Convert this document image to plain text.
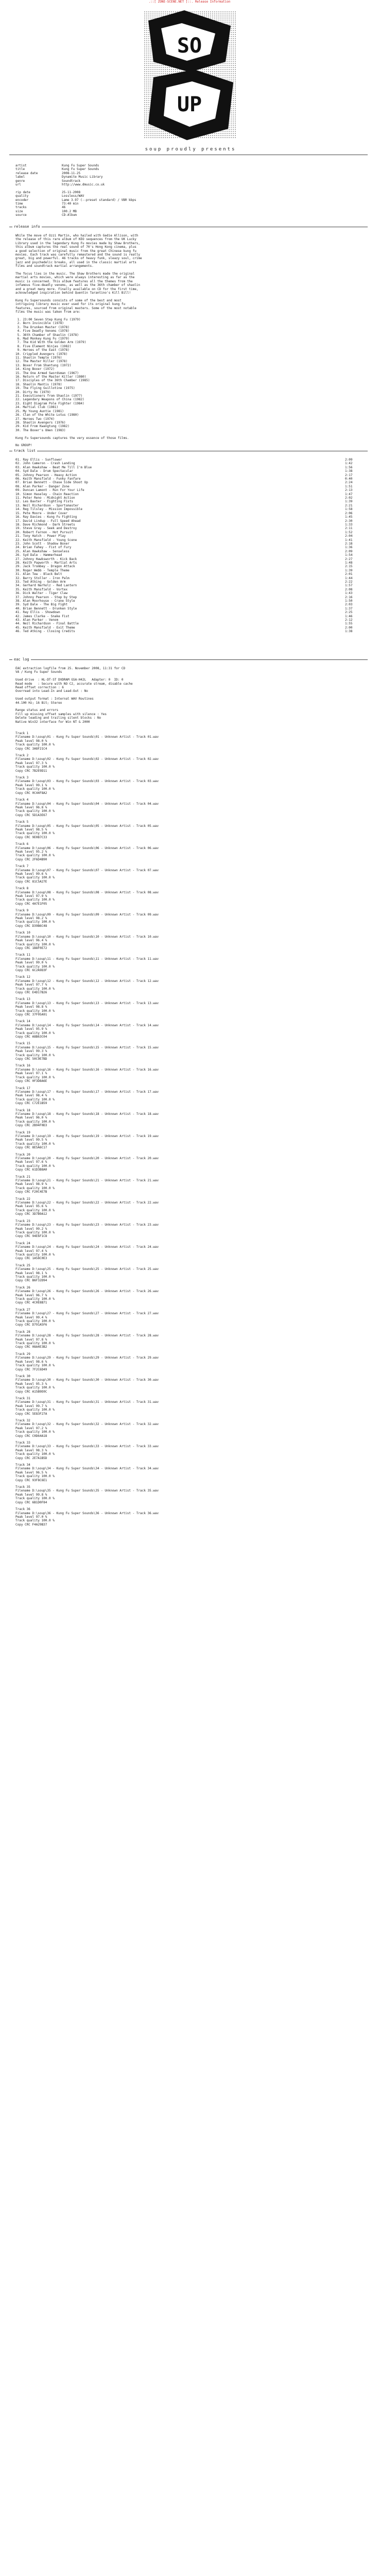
.::[ ZONE-SCENE.NET ]::. Release Information
SO
UP
SOUP
soup proudly presents
artist	Kung Fu Super Sounds
title	Kung Fu Super Sounds
release date	2008-11-25
label	Dynamite Music Library
genre	Soundtrack
url	http://www.dmusic.co.uk
rip date	25-11-2008
quality	Lossless/WAV
encoder	Lame 3.97 (--preset standard) / VBR kbps
time	73:40 min
tracks	46
size	100.2 MB
source	CD-Album
release info
While the move of Ozzi Martin, who hailed with Gedie Allison, with
the release of this rare album of KEO sequences from the UK Lucky
Library used in the legendary Kung Fu movies made by Shaw Brothers,
this album captures the real sound of 70's Hong Kong cinema, plus
a good selection of original music from the great Chinese kung fu
movies. Each track was carefully remastered and the sound is really
great, big and powerful. 46 tracks of heavy funk, sleazy soul, crime
jazz and psychedelic breaks, all used in the classic martial arts
films and soundtrack martial arrangements.

The focus lies in the music. The Shaw Brothers made the original
martial arts movies, which were always interesting as far as the
music is concerned. This album features all the themes from the
infamous five-deadly venoms, as well as the 36th chamber of shaolin
and a great many more. Finally available on CD for the first time,
acknowledged inspiration behind Quentin Tarantino's Kill Bill!

Kung Fu Supersounds consists of some of the best and most
intriguing library music ever used for its original kung fu
features, sourced from original masters. Some of the most notable
films the music was taken from are:

1. 23:00 Seven Step Kung Fu (1979)
2. Born Invincible (1978)
3. The Drunken Master (1978)
4. Five Deadly Venoms (1978)
5. 36th Chamber of Shaolin (1978)
6. Mad Monkey Kung Fu (1979)
7. The Kid With the Golden Arm (1979)
8. Five Element Ninjas (1982)
9. Heroes of the East (1978)
10. Crippled Avengers (1978)
11. Shaolin Temple (1976)
12. The Master Killer (1978)
13. Boxer From Shantung (1972)
14. King Boxer (1972)
15. The One Armed Swordsman (1967)
16. Return of the Master Killer (1980)
17. Disciples of the 36th Chamber (1985)
18. Shaolin Mantis (1978)
19. The Flying Guillotine (1975)
20. Dirty Ho (1979)
21. Executioners from Shaolin (1977)
22. Legendary Weapons of China (1982)
23. Eight Diagram Pole Fighter (1984)
24. Martial Club (1981)
25. My Young Auntie (1981)
26. Clan of the White Lotus (1980)
27. Heroes Two (1974)
28. Shaolin Avengers (1976)
29. Kid From Kwangtung (1982)
30. The Boxer's Omen (1983)

Kung Fu Supersounds captures the very essence of those films.

No GROUP!
track list
01. Ray Ellis - Sunflower	2:09
02. John Cameron - Crash Landing	1:42
03. Alan Hawkshaw - Beat Me Till I'm Blue	1:56
04. Syd Dale - Drum Spectacular	1:38
05. Johnny Pearson - Heavy Action	2:17
06. Keith Mansfield - Funky Fanfare	0:40
07. Brian Bennett - Chase Side Shoot Up	2:24
08. Alan Parker - Danger Zone	1:51
09. Duncan Lamont - Run For Your Life	2:13
10. Simon Haseley - Chain Reaction	1:47
11. Peter Reno - Midnight Action	2:02
12. Les Baxter - Fighting Fists	1:39
13. Neil Richardson - Sportsmaster	2:21
14. Reg Tilsley - Mission Impossible	1:58
15. Pete Moore - Under Cover	2:06
16. Ray Davies - Kung Fu Fighting	1:45
17. David Lindup - Full Speed Ahead	2:30
18. Dave Richmond - Dark Streets	1:33
19. Steve Gray - Seek and Destroy	2:11
20. Robert Farnon - Hot Pursuit	1:52
21. Tony Hatch - Power Play	2:04
22. Keith Mansfield - Young Scene	1:41
23. John Scott - Shadow Boxer	2:18
24. Brian Fahey - Fist of Fury	1:36
25. Alan Hawkshaw - Senseless	2:09
26. Syd Dale - Hammerhead	1:54
27. Johnny Hawksworth - Kick Back	2:27
28. Keith Papworth - Martial Arts	1:48
29. Jack Trombey - Dragon Attack	2:15
30. Roger Webb - Temple Theme	1:39
31. Alan Tew - Black Belt	2:01
32. Barry Stoller - Iron Palm	1:44
33. Ted Atking - Golden Arm	2:22
34. Gerhard Narholz - Red Lantern	1:57
35. Keith Mansfield - Vortex	2:08
36. Dick Walter - Tiger Claw	1:43
37. Johnny Pearson - Step by Step	2:16
38. Alan Moorhouse - Crane Style	1:50
39. Syd Dale - The Big Fight	2:03
40. Brian Bennett - Drunken Style	1:37
41. Ray Ellis - Showdown	2:25
42. James Clarke - Snake Fist	1:46
43. Alan Parker - Venom	2:12
44. Neil Richardson - Final Battle	1:55
45. Keith Mansfield - Exit Theme	2:00
46. Ted Atking - Closing Credits	1:38
eac log
EAC extraction logfile from 25. November 2008, 11:31 for CD
VA / Kung Fu Super Sounds

Used drive  : HL-DT-ST DVDRAM GSA-H42L   Adapter: 0  ID: 0
Read mode   : Secure with NO C2, accurate stream, disable cache
Read offset correction : 6
Overread into Lead-In and Lead-Out : No

Used output format : Internal WAV Routines
44.100 Hz; 16 Bit; Stereo

Range status and errors
Fill up missing offset samples with silence : Yes
Delete leading and trailing silent blocks : No
Native Win32 interface for Win NT & 2000
Track 1
Filename D:\soup\01 - Kung Fu Super Sounds\01 - Unknown Artist - Track 01.wav
Peak level 98.0 %
Track quality 100.0 %
Copy CRC 3A8F21C4
Track 2
Filename D:\soup\02 - Kung Fu Super Sounds\02 - Unknown Artist - Track 02.wav
Peak level 97.3 %
Track quality 100.0 %
Copy CRC 7B2E9D11
Track 3
Filename D:\soup\03 - Kung Fu Super Sounds\03 - Unknown Artist - Track 03.wav
Peak level 99.1 %
Track quality 100.0 %
Copy CRC 0C44F8A2
Track 4
Filename D:\soup\04 - Kung Fu Super Sounds\04 - Unknown Artist - Track 04.wav
Peak level 96.8 %
Track quality 100.0 %
Copy CRC 5D1A3E67
Track 5
Filename D:\soup\05 - Kung Fu Super Sounds\05 - Unknown Artist - Track 05.wav
Peak level 98.5 %
Track quality 100.0 %
Copy CRC 9E0B7C33
Track 6
Filename D:\soup\06 - Kung Fu Super Sounds\06 - Unknown Artist - Track 06.wav
Peak level 95.2 %
Track quality 100.0 %
Copy CRC 2F6D4B90
Track 7
Filename D:\soup\07 - Kung Fu Super Sounds\07 - Unknown Artist - Track 07.wav
Peak level 99.6 %
Track quality 100.0 %
Copy CRC 81C5A27E
Track 8
Filename D:\soup\08 - Kung Fu Super Sounds\08 - Unknown Artist - Track 08.wav
Peak level 97.9 %
Track quality 100.0 %
Copy CRC 4A7E1F05
Track 9
Filename D:\soup\09 - Kung Fu Super Sounds\09 - Unknown Artist - Track 09.wav
Peak level 98.2 %
Track quality 100.0 %
Copy CRC D39B6C48
Track 10
Filename D:\soup\10 - Kung Fu Super Sounds\10 - Unknown Artist - Track 10.wav
Peak level 96.4 %
Track quality 100.0 %
Copy CRC 1B8F0E72
Track 11
Filename D:\soup\11 - Kung Fu Super Sounds\11 - Unknown Artist - Track 11.wav
Peak level 99.0 %
Track quality 100.0 %
Copy CRC 6C2A9D3F
Track 12
Filename D:\soup\12 - Kung Fu Super Sounds\12 - Unknown Artist - Track 12.wav
Peak level 97.7 %
Track quality 100.0 %
Copy CRC E4D17B26
Track 13
Filename D:\soup\13 - Kung Fu Super Sounds\13 - Unknown Artist - Track 13.wav
Peak level 98.8 %
Track quality 100.0 %
Copy CRC 37F05A91
Track 14
Filename D:\soup\14 - Kung Fu Super Sounds\14 - Unknown Artist - Track 14.wav
Peak level 95.9 %
Track quality 100.0 %
Copy CRC A8B63C04
Track 15
Filename D:\soup\15 - Kung Fu Super Sounds\15 - Unknown Artist - Track 15.wav
Peak level 99.3 %
Track quality 100.0 %
Copy CRC 50C9E7BD
Track 16
Filename D:\soup\16 - Kung Fu Super Sounds\16 - Unknown Artist - Track 16.wav
Peak level 97.1 %
Track quality 100.0 %
Copy CRC 0F3D8A6E
Track 17
Filename D:\soup\17 - Kung Fu Super Sounds\17 - Unknown Artist - Track 17.wav
Peak level 98.4 %
Track quality 100.0 %
Copy CRC C72E1B59
Track 18
Filename D:\soup\18 - Kung Fu Super Sounds\18 - Unknown Artist - Track 18.wav
Peak level 96.0 %
Track quality 100.0 %
Copy CRC 2B94F0D3
Track 19
Filename D:\soup\19 - Kung Fu Super Sounds\19 - Unknown Artist - Track 19.wav
Peak level 99.5 %
Track quality 100.0 %
Copy CRC 8E5A6C17
Track 20
Filename D:\soup\20 - Kung Fu Super Sounds\20 - Unknown Artist - Track 20.wav
Peak level 97.6 %
Track quality 100.0 %
Copy CRC 61D3B8A0
Track 21
Filename D:\soup\21 - Kung Fu Super Sounds\21 - Unknown Artist - Track 21.wav
Peak level 98.9 %
Track quality 100.0 %
Copy CRC F20C4E7B
Track 22
Filename D:\soup\22 - Kung Fu Super Sounds\22 - Unknown Artist - Track 22.wav
Peak level 95.6 %
Track quality 100.0 %
Copy CRC 3D7B9A12
Track 23
Filename D:\soup\23 - Kung Fu Super Sounds\23 - Unknown Artist - Track 23.wav
Peak level 99.2 %
Track quality 100.0 %
Copy CRC 94E6F1C8
Track 24
Filename D:\soup\24 - Kung Fu Super Sounds\24 - Unknown Artist - Track 24.wav
Peak level 97.4 %
Track quality 100.0 %
Copy CRC 1A58C0E3
Track 25
Filename D:\soup\25 - Kung Fu Super Sounds\25 - Unknown Artist - Track 25.wav
Peak level 98.1 %
Track quality 100.0 %
Copy CRC B6F32D94
Track 26
Filename D:\soup\26 - Kung Fu Super Sounds\26 - Unknown Artist - Track 26.wav
Peak level 96.7 %
Track quality 100.0 %
Copy CRC 4C0E8B71
Track 27
Filename D:\soup\27 - Kung Fu Super Sounds\27 - Unknown Artist - Track 27.wav
Peak level 99.4 %
Track quality 100.0 %
Copy CRC D791A5F6
Track 28
Filename D:\soup\28 - Kung Fu Super Sounds\28 - Unknown Artist - Track 28.wav
Peak level 97.8 %
Track quality 100.0 %
Copy CRC 08A4E3B2
Track 29
Filename D:\soup\29 - Kung Fu Super Sounds\29 - Unknown Artist - Track 29.wav
Peak level 98.6 %
Track quality 100.0 %
Copy CRC 7F2C6D49
Track 30
Filename D:\soup\30 - Kung Fu Super Sounds\30 - Unknown Artist - Track 30.wav
Peak level 95.3 %
Track quality 100.0 %
Copy CRC A15B9E0C
Track 31
Filename D:\soup\31 - Kung Fu Super Sounds\31 - Unknown Artist - Track 31.wav
Peak level 99.7 %
Track quality 100.0 %
Copy CRC 5E83F27A
Track 32
Filename D:\soup\32 - Kung Fu Super Sounds\32 - Unknown Artist - Track 32.wav
Peak level 97.2 %
Track quality 100.0 %
Copy CRC C0D64A18
Track 33
Filename D:\soup\33 - Kung Fu Super Sounds\33 - Unknown Artist - Track 33.wav
Peak level 98.3 %
Track quality 100.0 %
Copy CRC 2E7A1B5D
Track 34
Filename D:\soup\34 - Kung Fu Super Sounds\34 - Unknown Artist - Track 34.wav
Peak level 96.5 %
Track quality 100.0 %
Copy CRC 93F8C6E1
Track 35
Filename D:\soup\35 - Kung Fu Super Sounds\35 - Unknown Artist - Track 35.wav
Peak level 99.8 %
Track quality 100.0 %
Copy CRC 6B1D0F84
Track 36
Filename D:\soup\36 - Kung Fu Super Sounds\36 - Unknown Artist - Track 36.wav
Peak level 97.0 %
Track quality 100.0 %
Copy CRC F4A29B37
